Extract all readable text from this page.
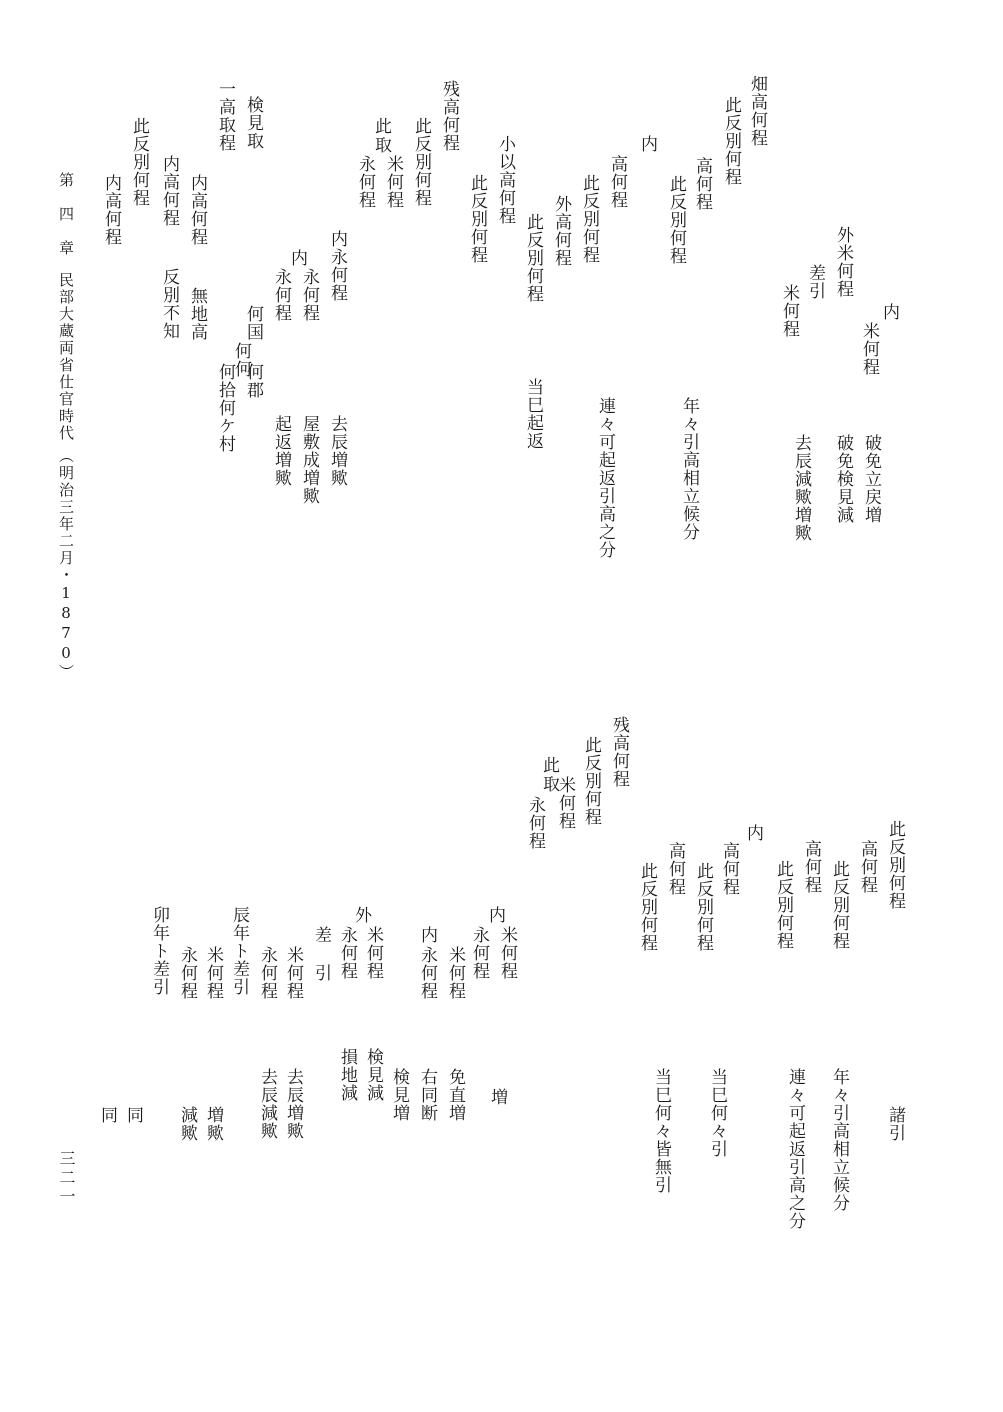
第　四　章
民部大蔵両省仕官時代
（明治三年二月・1870）
三二一
畑高何程
此反別何程
高何程
此反別何程
内
高何程
此反別何程
外高何程
此反別何程
小以高何程
此反別何程
残高何程
此反別何程
米何程
此
取
永何程
内永何程
内
永何程
永何程
何国
何郡
何何
何拾何ケ村
検見取
一高取程
内高何程
内高何程
無地高
反別不知
此反別何程
内高何程
外米何程
差引
米何程	内
米何程
年々引高相立候分
連々可起返引高之分
当巳起返
破免立戻増
破免検見減
去辰減歟増歟
去辰増歟
屋敷成増歟
起返増歟
此反別何程
高何程
此反別何程
高何程
此反別何程
内
高何程
此反別何程
高何程
此反別何程
残高何程
此反別何程
米何程
此
取
永何程
内
米何程
永何程
内
米何程
永何程
外
米何程
永何程
差
引
辰年ト差引 米何程
永何程
卯年ト差引 米何程
永何程
諸引
年々引高相立候分
連々可起返引高之分
当巳何々引
当巳何々皆無引
増
免直増
右同断
検見増
検見減
損地減
去辰増歟
去辰減歟
増歟
減歟
同
同
